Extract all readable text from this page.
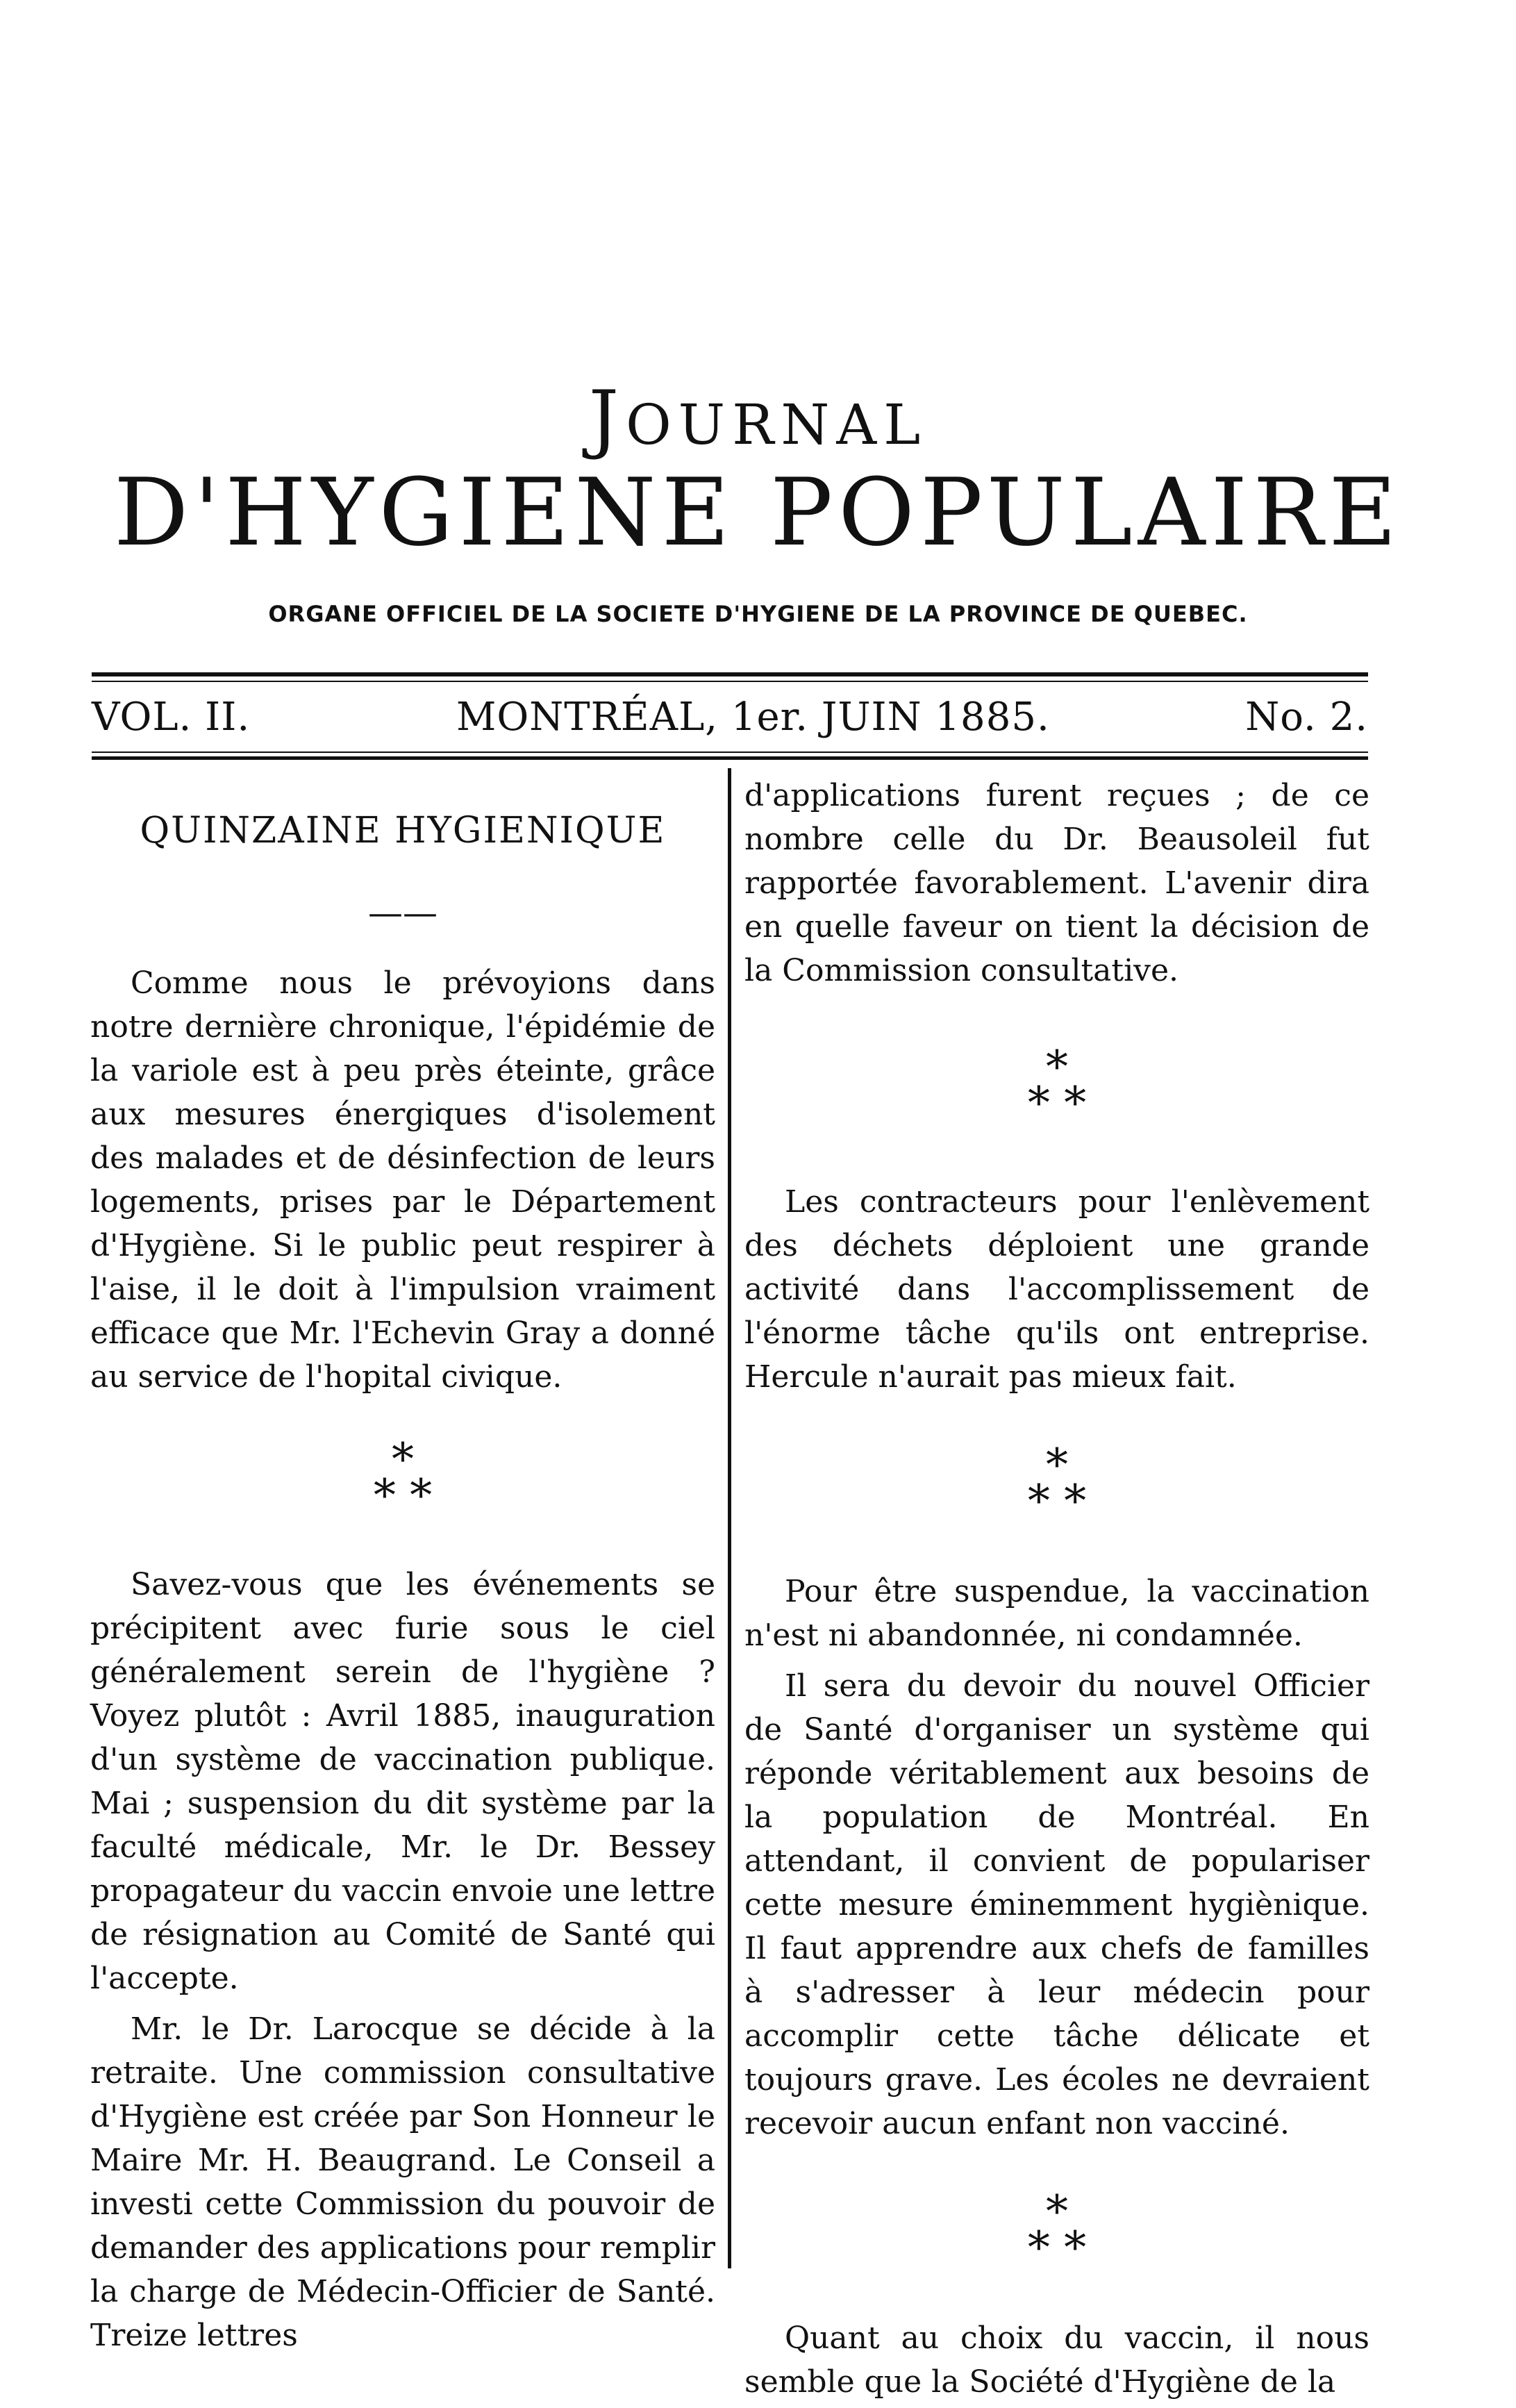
JOURNAL
D'HYGIENE POPULAIRE
ORGANE OFFICIEL DE LA SOCIETE D'HYGIENE DE LA PROVINCE DE QUEBEC.
VOL. II.	MONTRÉAL, 1er. JUIN 1885.	No. 2.
QUINZAINE HYGIENIQUE
——

Comme nous le prévoyions dans notre dernière chronique, l'épidémie de la variole est à peu près éteinte, grâce aux mesures énergiques d'isolement des malades et de désinfection de leurs logements, prises par le Département d'Hygiène. Si le public peut respirer à l'aise, il le doit à l'impulsion vraiment efficace que Mr. l'Echevin Gray a donné au service de l'hopital civique.

*
* *

Savez-vous que les événements se précipitent avec furie sous le ciel généralement serein de l'hygiène ? Voyez plutôt : Avril 1885, inauguration d'un système de vaccination publique. Mai ; suspension du dit système par la faculté médicale, Mr. le Dr. Bessey propagateur du vaccin envoie une lettre de résignation au Comité de Santé qui l'accepte.

Mr. le Dr. Larocque se décide à la retraite. Une commission consultative d'Hygiène est créée par Son Honneur le Maire Mr. H. Beaugrand. Le Conseil a investi cette Commission du pouvoir de demander des applications pour remplir la charge de Médecin-Officier de Santé. Treize lettres

d'applications furent reçues ; de ce nombre celle du Dr. Beausoleil fut rapportée favorablement. L'avenir dira en quelle faveur on tient la décision de la Commission consultative.

*
* *

Les contracteurs pour l'enlèvement des déchets déploient une grande activité dans l'accomplissement de l'énorme tâche qu'ils ont entreprise. Hercule n'aurait pas mieux fait.

*
* *

Pour être suspendue, la vaccination n'est ni abandonnée, ni condamnée.

Il sera du devoir du nouvel Officier de Santé d'organiser un système qui réponde véritablement aux besoins de la population de Montréal. En attendant, il convient de populariser cette mesure éminemment hygiènique. Il faut apprendre aux chefs de familles à s'adresser à leur médecin pour accomplir cette tâche délicate et toujours grave. Les écoles ne devraient recevoir aucun enfant non vacciné.

*
* *

Quant au choix du vaccin, il nous semble que la Société d'Hygiène de la
